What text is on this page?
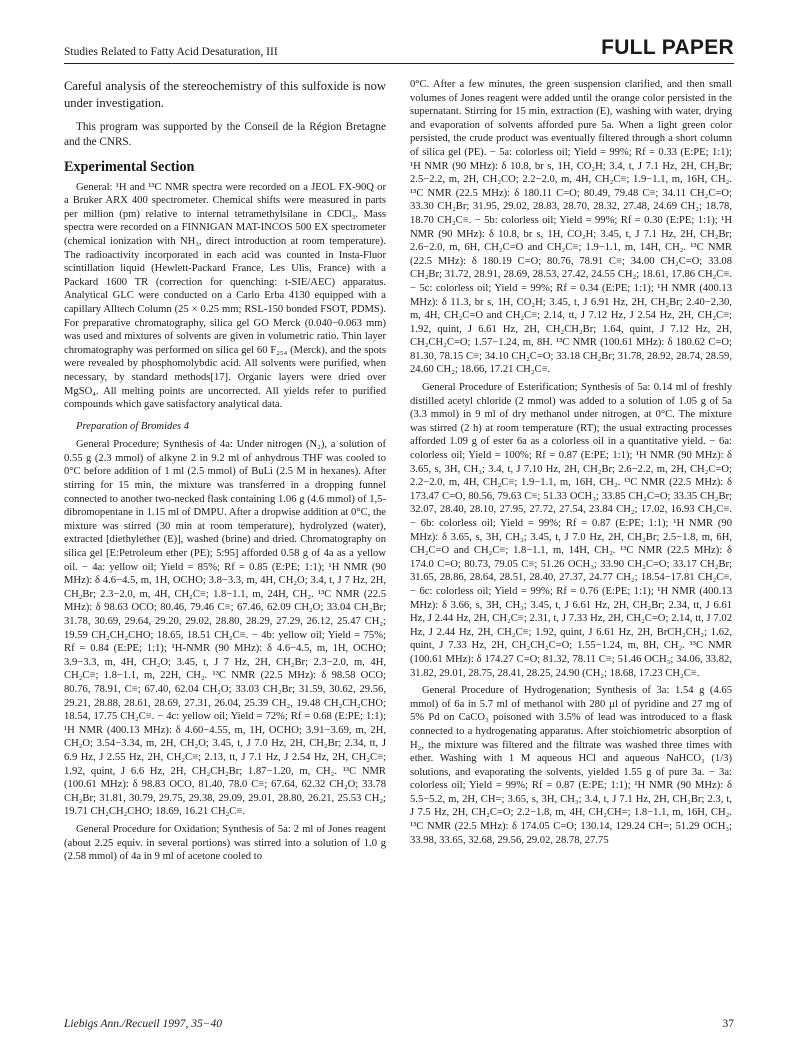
Studies Related to Fatty Acid Desaturation, III	FULL PAPER

Careful analysis of the stereochemistry of this sulfoxide is now under investigation.

This program was supported by the Conseil de la Région Bretagne and the CNRS.

Experimental Section

General: ¹H and ¹³C NMR spectra were recorded on a JEOL FX-90Q or a Bruker ARX 400 spectrometer. Chemical shifts were measured in parts per million (pm) relative to internal tetramethylsilane in CDCl₃. Mass spectra were recorded on a FINNIGAN MAT-INCOS 500 EX spectrometer (chemical ionization with NH₃, direct introduction at room temperature). The radioactivity incorporated in each acid was counted in Insta-Fluor scintillation liquid (Hewlett-Packard France, Les Ulis, France) with a Packard 1600 TR (correction for quenching: t-SIE/AEC) apparatus. Analytical GLC were conducted on a Carlo Erba 4130 equipped with a capillary Alltech Column (25 × 0.25 mm; RSL-150 bonded FSOT, PDMS). For preparative chromatography, silica gel GO Merck (0.040−0.063 mm) was used and mixtures of solvents are given in volumetric ratio. Thin layer chromatography was performed on silica gel 60 F₂₅₄ (Merck), and the spots were revealed by phosphomolybdic acid. All solvents were purified, when necessary, by standard methods[17]. Organic layers were dried over MgSO₄. All melting points are uncorrected. All yields refer to purified compounds which gave satisfactory analytical data.

Preparation of Bromides 4

General Procedure; Synthesis of 4a: Under nitrogen (N₂), a solution of 0.55 g (2.3 mmol) of alkyne 2 in 9.2 ml of anhydrous THF was cooled to 0°C before addition of 1 ml (2.5 mmol) of BuLi (2.5 M in hexanes). After stirring for 15 min, the mixture was transferred in a dropping funnel connected to another two-necked flask containing 1.06 g (4.6 mmol) of 1,5-dibromopentane in 1.15 ml of DMPU. After a dropwise addition at 0°C, the mixture was stirred (30 min at room temperature), hydrolyzed (water), extracted [diethylether (E)], washed (brine) and dried. Chromatography on silica gel [E:Petroleum ether (PE); 5:95] afforded 0.58 g of 4a as a yellow oil. − 4a: yellow oil; Yield = 85%; Rf = 0.85 (E:PE; 1:1); ¹H NMR (90 MHz): δ 4.6−4.5, m, 1H, OCHO; 3.8−3.3, m, 4H, CH₂O; 3.4, t, J 7 Hz, 2H, CH₂Br; 2.3−2.0, m, 4H, CH₂C≡; 1.8−1.1, m, 24H, CH₂. ¹³C NMR (22.5 MHz): δ 98.63 OCO; 80.46, 79.46 C≡; 67.46, 62.09 CH₂O; 33.04 CH₂Br; 31.78, 30.69, 29.64, 29.20, 29.02, 28.80, 28.29, 27.29, 26.12, 25.47 CH₂; 19.59 CH₂CH₂CHO; 18.65, 18.51 CH₂C≡. − 4b: yellow oil; Yield = 75%; Rf = 0.84 (E:PE; 1:1); ¹H-NMR (90 MHz): δ 4.6−4.5, m, 1H, OCHO; 3.9−3.3, m, 4H, CH₂O; 3.45, t, J 7 Hz, 2H, CH₂Br; 2.3−2.0, m, 4H, CH₂C≡; 1.8−1.1, m, 22H, CH₂. ¹³C NMR (22.5 MHz): δ 98.58 OCO; 80.76, 78.91, C≡; 67.40, 62.04 CH₂O; 33.03 CH₂Br; 31.59, 30.62, 29.56, 29.21, 28.88, 28.61, 28.69, 27.31, 26.04, 25.39 CH₂, 19.48 CH₂CH₂CHO; 18.54, 17.75 CH₂C≡. − 4c: yellow oil; Yield = 72%; Rf = 0.68 (E:PE; 1:1); ¹H NMR (400.13 MHz): δ 4.60−4.55, m, 1H, OCHO; 3.91−3.69, m, 2H, CH₂O; 3.54−3.34, m, 2H, CH₂O; 3.45, t, J 7.0 Hz, 2H, CH₂Br; 2.34, tt, J 6.9 Hz, J 2.55 Hz, 2H, CH₂C≡; 2.13, tt, J 7.1 Hz, J 2.54 Hz, 2H, CH₂C≡; 1.92, quint, J 6.6 Hz, 2H, CH₂CH₂Br; 1.87−1.20, m, CH₂. ¹³C NMR (100.61 MHz): δ 98.83 OCO, 81.40, 78.0 C≡; 67.64, 62.32 CH₂O; 33.78 CH₂Br; 31.81, 30.79, 29.75, 29.38, 29.09, 29.01, 28.80, 26.21, 25.53 CH₂; 19.71 CH₂CH₂CHO; 18.69, 16.21 CH₂C≡.

General Procedure for Oxidation; Synthesis of 5a: 2 ml of Jones reagent (about 2.25 equiv. in several portions) was stirred into a solution of 1.0 g (2.58 mmol) of 4a in 9 ml of acetone cooled to

0°C. After a few minutes, the green suspension clarified, and then small volumes of Jones reagent were added until the orange color persisted in the supernatant. Stirring for 15 min, extraction (E), washing with water, drying and evaporation of solvents afforded pure 5a. When a light green color persisted, the crude product was eventually filtered through a short column of silica gel (PE). − 5a: colorless oil; Yield = 99%; Rf = 0.33 (E:PE; 1:1); ¹H NMR (90 MHz): δ 10.8, br s, 1H, CO₂H; 3.4, t, J 7.1 Hz, 2H, CH₂Br; 2.5−2.2, m, 2H, CH₂CO; 2.2−2.0, m, 4H, CH₂C≡; 1.9−1.1, m, 16H, CH₂. ¹³C NMR (22.5 MHz): δ 180.11 C=O; 80.49, 79.48 C≡; 34.11 CH₂C=O; 33.30 CH₂Br; 31.95, 29.02, 28.83, 28.70, 28.32, 27.48, 24.69 CH₂; 18.78, 18.70 CH₂C≡. − 5b: colorless oil; Yield = 99%; Rf = 0.30 (E:PE; 1:1); ¹H NMR (90 MHz): δ 10.8, br s, 1H, CO₂H; 3.45, t, J 7.1 Hz, 2H, CH₂Br; 2.6−2.0, m, 6H, CH₂C=O and CH₂C≡; 1.9−1.1, m, 14H, CH₂. ¹³C NMR (22.5 MHz): δ 180.19 C=O; 80.76, 78.91 C≡; 34.00 CH₂C=O; 33.08 CH₂Br; 31.72, 28.91, 28.69, 28.53, 27.42, 24.55 CH₂; 18.61, 17.86 CH₂C≡. − 5c: colorless oil; Yield = 99%; Rf = 0.34 (E:PE; 1:1); ¹H NMR (400.13 MHz): δ 11.3, br s, 1H, CO₂H; 3.45, t, J 6.91 Hz, 2H, CH₂Br; 2.40−2.30, m, 4H, CH₂C=O and CH₂C≡; 2.14, tt, J 7.12 Hz, J 2.54 Hz, 2H, CH₂C≡; 1.92, quint, J 6.61 Hz, 2H, CH₂CH₂Br; 1.64, quint, J 7.12 Hz, 2H, CH₂CH₂C=O; 1.57−1.24, m, 8H. ¹³C NMR (100.61 MHz): δ 180.62 C=O; 81.30, 78.15 C≡; 34.10 CH₂C=O; 33.18 CH₂Br; 31.78, 28.92, 28.74, 28.59, 24.60 CH₂; 18.66, 17.21 CH₂C≡.

General Procedure of Esterification; Synthesis of 5a: 0.14 ml of freshly distilled acetyl chloride (2 mmol) was added to a solution of 1.05 g of 5a (3.3 mmol) in 9 ml of dry methanol under nitrogen, at 0°C. The mixture was stirred (2 h) at room temperature (RT); the usual extracting processes afforded 1.09 g of ester 6a as a colorless oil in a quantitative yield. − 6a: colorless oil; Yield = 100%; Rf = 0.87 (E:PE; 1:1); ¹H NMR (90 MHz): δ 3.65, s, 3H, CH₃; 3.4, t, J 7.10 Hz, 2H, CH₂Br; 2.6−2.2, m, 2H, CH₂C=O; 2.2−2.0, m, 4H, CH₂C≡; 1.9−1.1, m, 16H, CH₂. ¹³C NMR (22.5 MHz): δ 173.47 C=O, 80.56, 79.63 C≡; 51.33 OCH₃; 33.85 CH₂C=O; 33.35 CH₂Br; 32.07, 28.40, 28.10, 27.95, 27.72, 27.54, 23.84 CH₂; 17.02, 16.93 CH₂C≡. − 6b: colorless oil; Yield = 99%; Rf = 0.87 (E:PE; 1:1); ¹H NMR (90 MHz): δ 3.65, s, 3H, CH₃; 3.45, t, J 7.0 Hz, 2H, CH₂Br; 2.5−1.8, m, 6H, CH₂C=O and CH₂C≡; 1.8−1.1, m, 14H, CH₂. ¹³C NMR (22.5 MHz): δ 174.0 C=O; 80.73, 79.05 C≡; 51.26 OCH₃; 33.90 CH₂C=O; 33.17 CH₂Br; 31.65, 28.86, 28.64, 28.51, 28.40, 27.37, 24.77 CH₂; 18.54−17.81 CH₂C≡. − 6c: colorless oil; Yield = 99%; Rf = 0.76 (E:PE; 1:1); ¹H NMR (400.13 MHz): δ 3.66, s, 3H, CH₃; 3.45, t, J 6.61 Hz, 2H, CH₂Br; 2.34, tt, J 6.61 Hz, J 2.44 Hz, 2H, CH₂C≡; 2.31, t, J 7.33 Hz, 2H, CH₂C=O; 2.14, tt, J 7.02 Hz, J 2.44 Hz, 2H, CH₂C≡; 1.92, quint, J 6.61 Hz, 2H, BrCH₂CH₂; 1.62, quint, J 7.33 Hz, 2H, CH₂CH₂C=O; 1.55−1.24, m, 8H, CH₂. ¹³C NMR (100.61 MHz): δ 174.27 C=O; 81.32, 78.11 C≡; 51.46 OCH₃; 34.06, 33.82, 31.82, 29.01, 28.75, 28.41, 28.25, 24.90 (CH₂; 18.68, 17.23 CH₂C≡.

General Procedure of Hydrogenation; Synthesis of 3a: 1.54 g (4.65 mmol) of 6a in 5.7 ml of methanol with 280 µl of pyridine and 27 mg of 5% Pd on CaCO₃ poisoned with 3.5% of lead was introduced to a flask connected to a hydrogenating apparatus. After stoichiometric absorption of H₂, the mixture was filtered and the filtrate was washed three times with ether. Washing with 1 M aqueous HCl and aqueous NaHCO₃ (1/3) solutions, and evaporating the solvents, yielded 1.55 g of pure 3a. − 3a: colorless oil; Yield = 99%; Rf = 0.87 (E:PE; 1:1); ¹H NMR (90 MHz): δ 5.5−5.2, m, 2H, CH=; 3.65, s, 3H, CH₃; 3.4, t, J 7.1 Hz, 2H, CH₂Br; 2.3, t, J 7.5 Hz, 2H, CH₂C=O; 2.2−1.8, m, 4H, CH₂CH=; 1.8−1.1, m, 16H, CH₂. ¹³C NMR (22.5 MHz): δ 174.05 C=O; 130.14, 129.24 CH=; 51.29 OCH₃; 33.98, 33.65, 32.68, 29.56, 29.02, 28.78, 27.75

Liebigs Ann./Recueil 1997, 35−40	37
